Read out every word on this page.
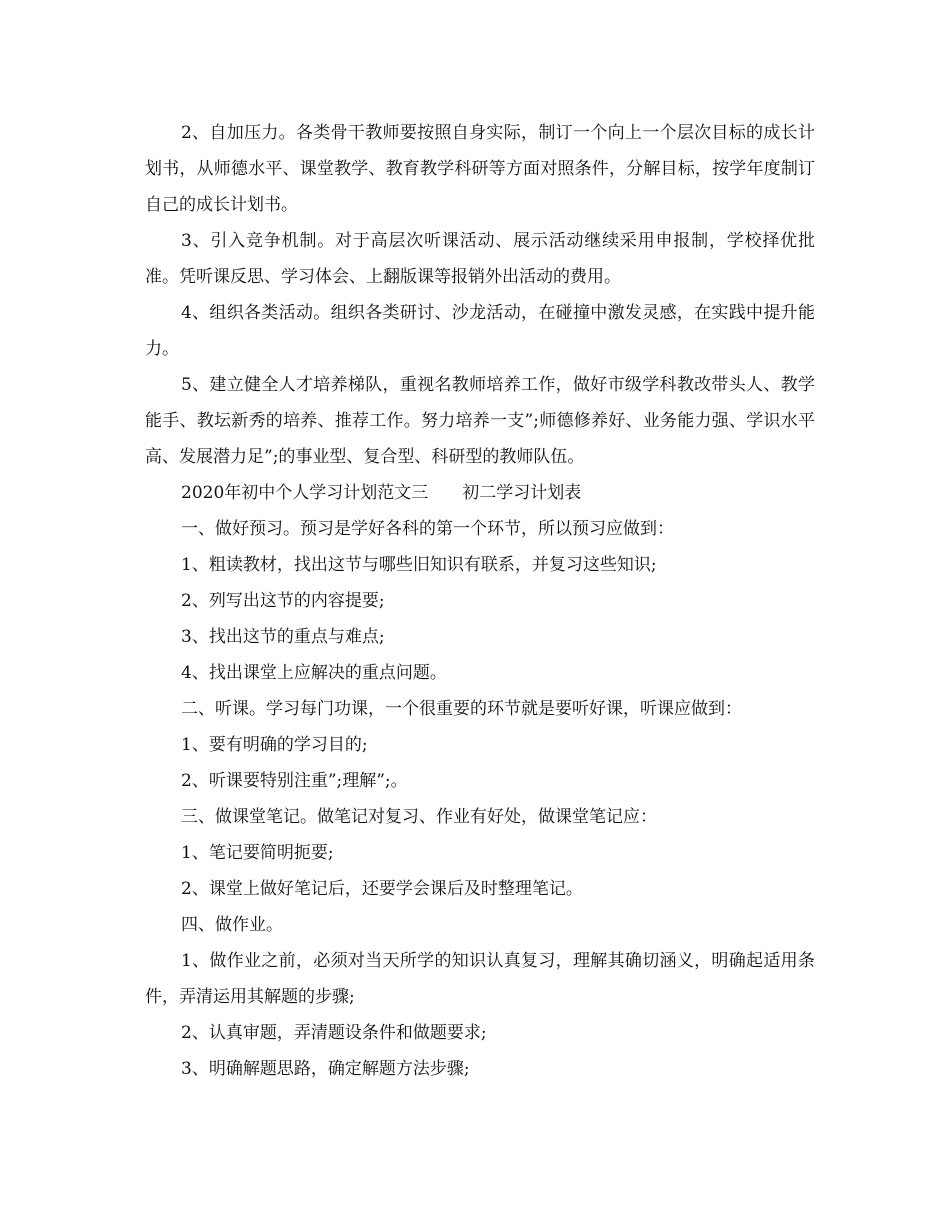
2、自加压力。各类骨干教师要按照自身实际，制订一个向上一个层次目标的成长计划书，从师德水平、课堂教学、教育教学科研等方面对照条件，分解目标，按学年度制订自己的成长计划书。

3、引入竞争机制。对于高层次听课活动、展示活动继续采用申报制，学校择优批准。凭听课反思、学习体会、上翻版课等报销外出活动的费用。

4、组织各类活动。组织各类研讨、沙龙活动，在碰撞中激发灵感，在实践中提升能力。

5、建立健全人才培养梯队，重视名教师培养工作，做好市级学科教改带头人、教学能手、教坛新秀的培养、推荐工作。努力培养一支”;师德修养好、业务能力强、学识水平高、发展潜力足”;的事业型、复合型、科研型的教师队伍。

2020年初中个人学习计划范文三　　初二学习计划表

一、做好预习。预习是学好各科的第一个环节，所以预习应做到：

1、粗读教材，找出这节与哪些旧知识有联系，并复习这些知识;

2、列写出这节的内容提要;

3、找出这节的重点与难点;

4、找出课堂上应解决的重点问题。

二、听课。学习每门功课，一个很重要的环节就是要听好课，听课应做到：

1、要有明确的学习目的;

2、听课要特别注重”;理解”;。

三、做课堂笔记。做笔记对复习、作业有好处，做课堂笔记应：

1、笔记要简明扼要;

2、课堂上做好笔记后，还要学会课后及时整理笔记。

四、做作业。

1、做作业之前，必须对当天所学的知识认真复习，理解其确切涵义，明确起适用条件，弄清运用其解题的步骤;

2、认真审题，弄清题设条件和做题要求;

3、明确解题思路，确定解题方法步骤;
